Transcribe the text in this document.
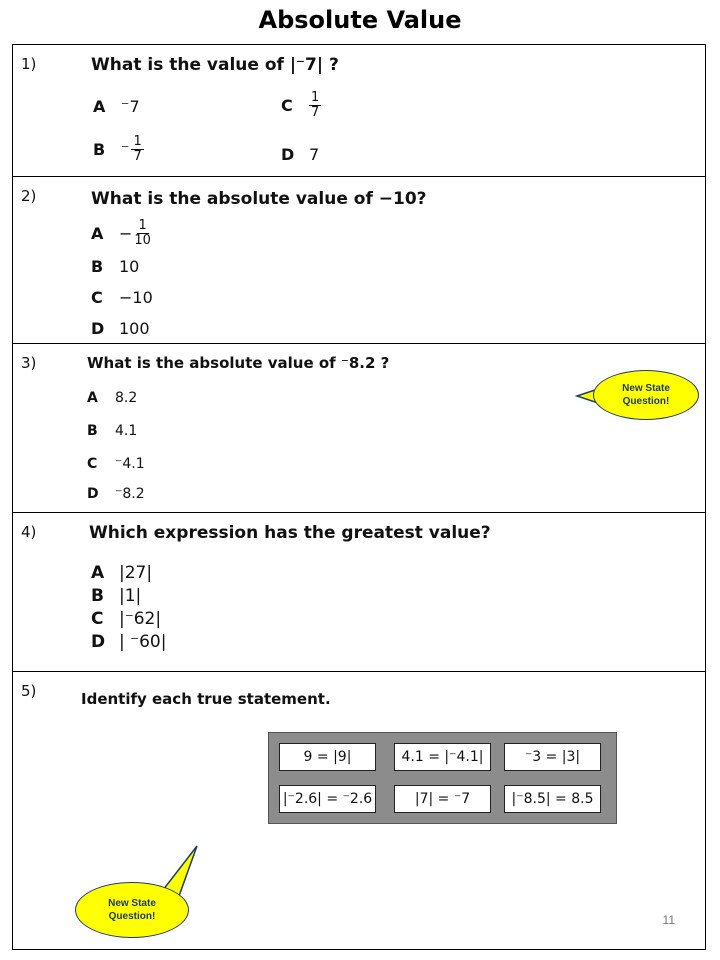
Absolute Value
1)	What is the value of |⁻7| ?
A ⁻7	C	$\frac{1}{7}$
B ⁻ $\frac{1}{7}$	D 7
2)	What is the absolute value of −10?
$A - \frac{1}{10}$
B 10
C	−10
D 100
3)	What is the absolute value of ⁻8.2 ?
A	8.2
B	4.1
C	⁻4.1
D	⁻8.2
New State Question!
4)	Which expression has the greatest value?
A |27|
B |1|
C |⁻62|
D | ⁻60|
5)	Identify each true statement.
9 = |9|	4.1 = |⁻4.1|	⁻3 = |3|
|⁻2.6| = ⁻2.6	|7| = ⁻7	|⁻8.5| = 8.5
New State Question!	11
